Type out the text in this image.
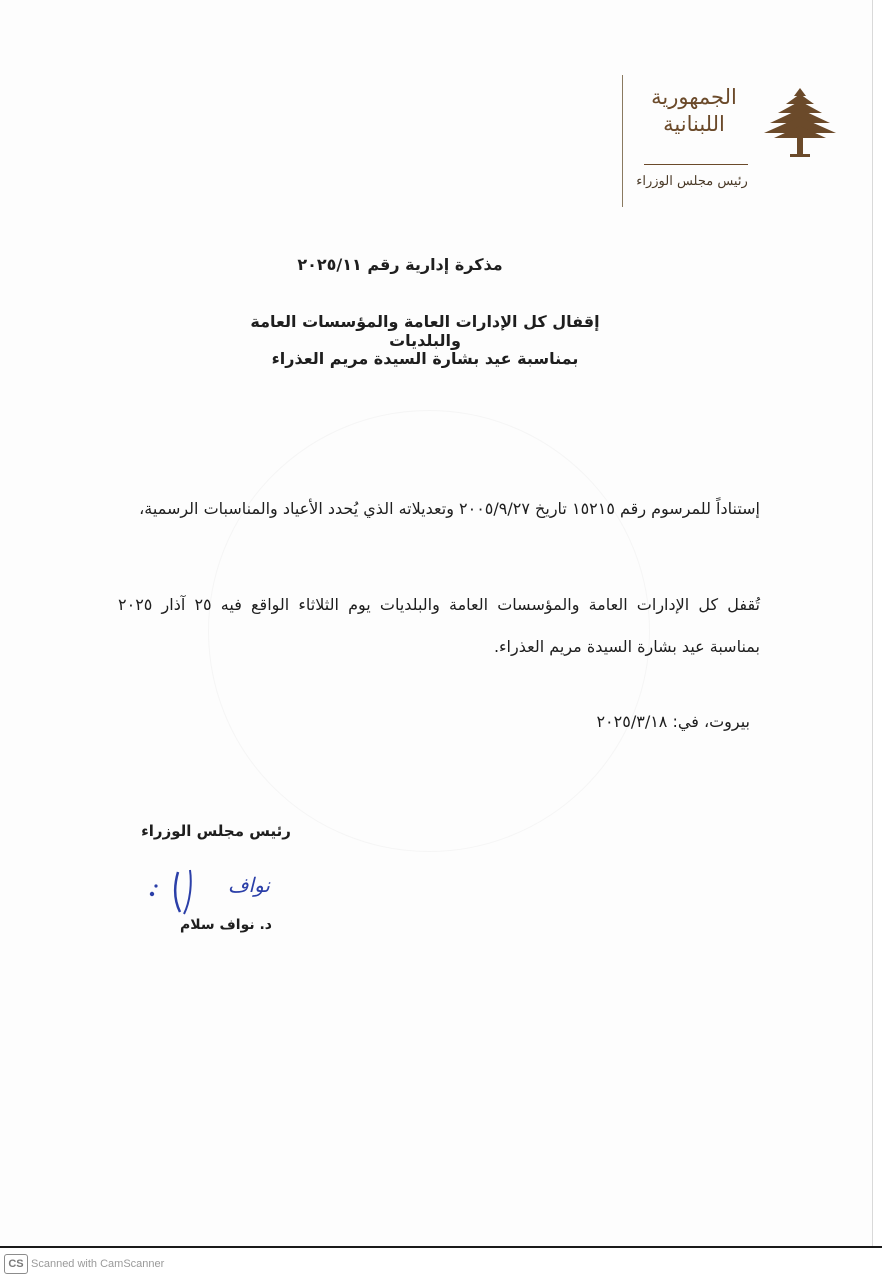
الجمهورية
اللبنانية
رئيس مجلس الوزراء
مذكرة إدارية رقم ٢٠٢٥/١١
إقفال كل الإدارات العامة والمؤسسات العامة والبلديات
بمناسبة عيد بشارة السيدة مريم العذراء
إستناداً للمرسوم رقم ١٥٢١٥ تاريخ ٢٠٠٥/٩/٢٧ وتعديلاته الذي يُحدد الأعياد والمناسبات الرسمية،
تُقفل كل الإدارات العامة والمؤسسات العامة والبلديات يوم الثلاثاء الواقع فيه ٢٥ آذار ٢٠٢٥ بمناسبة عيد بشارة السيدة مريم العذراء.
بيروت، في: ٢٠٢٥/٣/١٨
رئيس مجلس الوزراء
نواف
د. نواف سلام
CS Scanned with CamScanner
